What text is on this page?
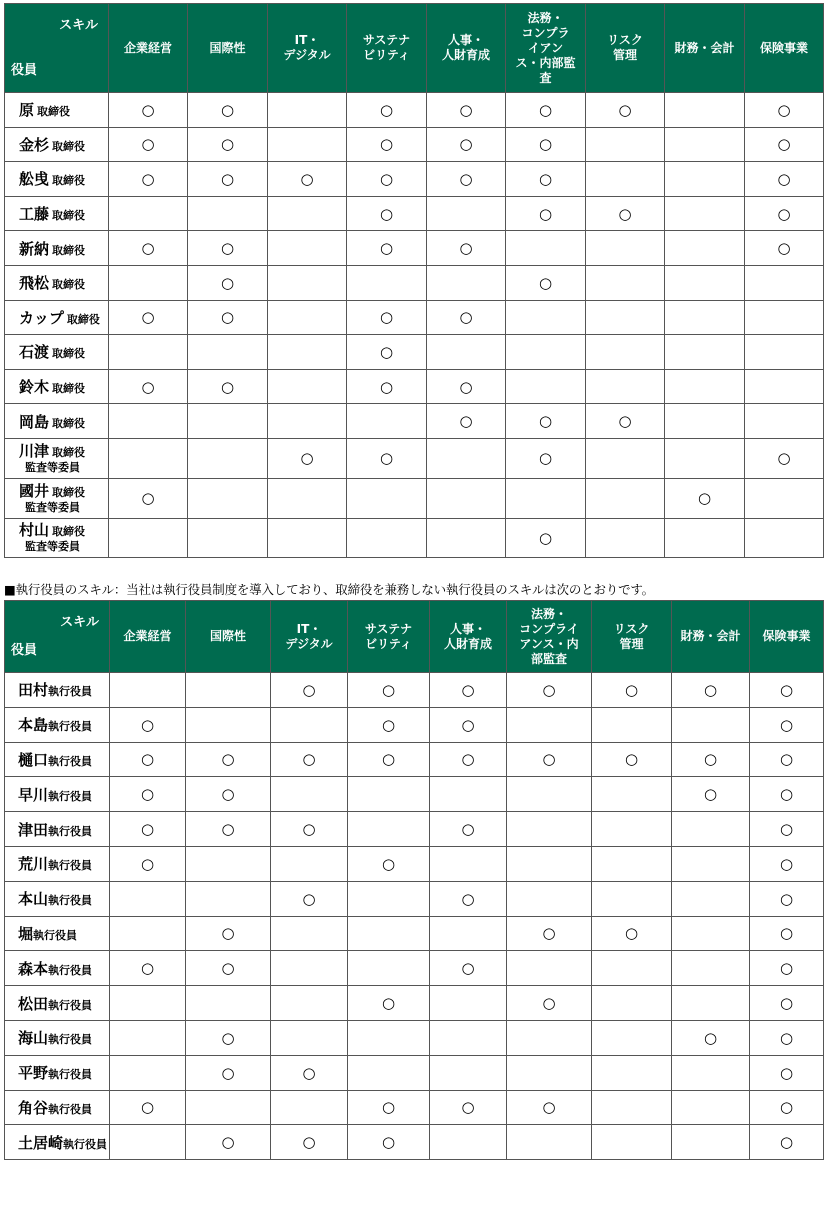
スキル
役員	企業経営	国際性	IT・
デジタル	サステナ
ビリティ	人事・
人財育成	法務・
コンプラ
イアン
ス・内部監
査	リスク
管理	財務・会計	保険事業
原 取締役	○	○		○	○	○	○		○
金杉 取締役	○	○		○	○	○			○
舩曵 取締役	○	○	○	○	○	○			○
工藤 取締役				○		○	○		○
新納 取締役	○	○		○	○				○
飛松 取締役		○				○			
カップ 取締役	○	○		○	○				
石渡 取締役				○					
鈴木 取締役	○	○		○	○				
岡島 取締役					○	○	○		
川津 取締役
監査等委員			○	○		○			○
國井 取締役
監査等委員	○							○	
村山 取締役
監査等委員						○			
■執行役員のスキル：当社は執行役員制度を導入しており、取締役を兼務しない執行役員のスキルは次のとおりです。
スキル
役員	企業経営	国際性	IT・
デジタル	サステナ
ビリティ	人事・
人財育成	法務・
コンプライ
アンス・内
部監査	リスク
管理	財務・会計	保険事業
田村執行役員			○	○	○	○	○	○	○
本島執行役員	○			○	○				○
樋口執行役員	○	○	○	○	○	○	○	○	○
早川執行役員	○	○						○	○
津田執行役員	○	○	○		○				○
荒川執行役員	○			○					○
本山執行役員			○		○				○
堀執行役員		○				○	○		○
森本執行役員	○	○			○				○
松田執行役員				○		○			○
海山執行役員		○						○	○
平野執行役員		○	○						○
角谷執行役員	○			○	○	○			○
土居崎執行役員		○	○	○					○
